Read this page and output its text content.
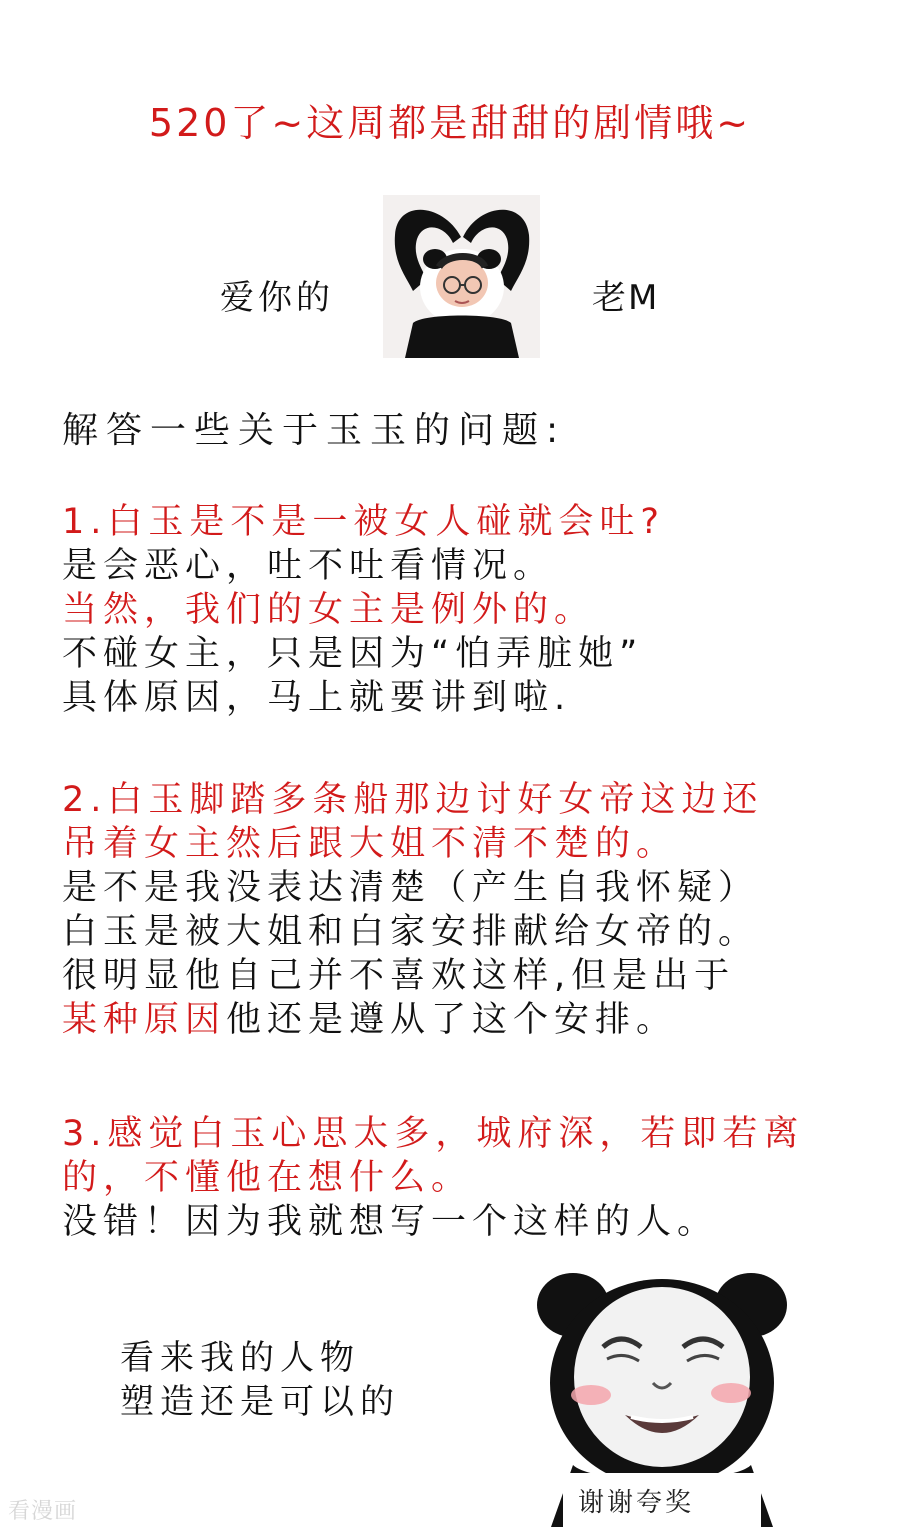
520了~这周都是甜甜的剧情哦~
爱你的	老M
解答一些关于玉玉的问题:
1.白玉是不是一被女人碰就会吐?
是会恶心，吐不吐看情况。
当然，我们的女主是例外的。
不碰女主，只是因为“怕弄脏她”
具体原因，马上就要讲到啦.
2.白玉脚踏多条船那边讨好女帝这边还
吊着女主然后跟大姐不清不楚的。
是不是我没表达清楚（产生自我怀疑）
白玉是被大姐和白家安排献给女帝的。
很明显他自己并不喜欢这样,但是出于
某种原因他还是遵从了这个安排。
3.感觉白玉心思太多，城府深，若即若离
的，不懂他在想什么。
没错！因为我就想写一个这样的人。
看来我的人物
塑造还是可以的
谢谢夸奖
看漫画
